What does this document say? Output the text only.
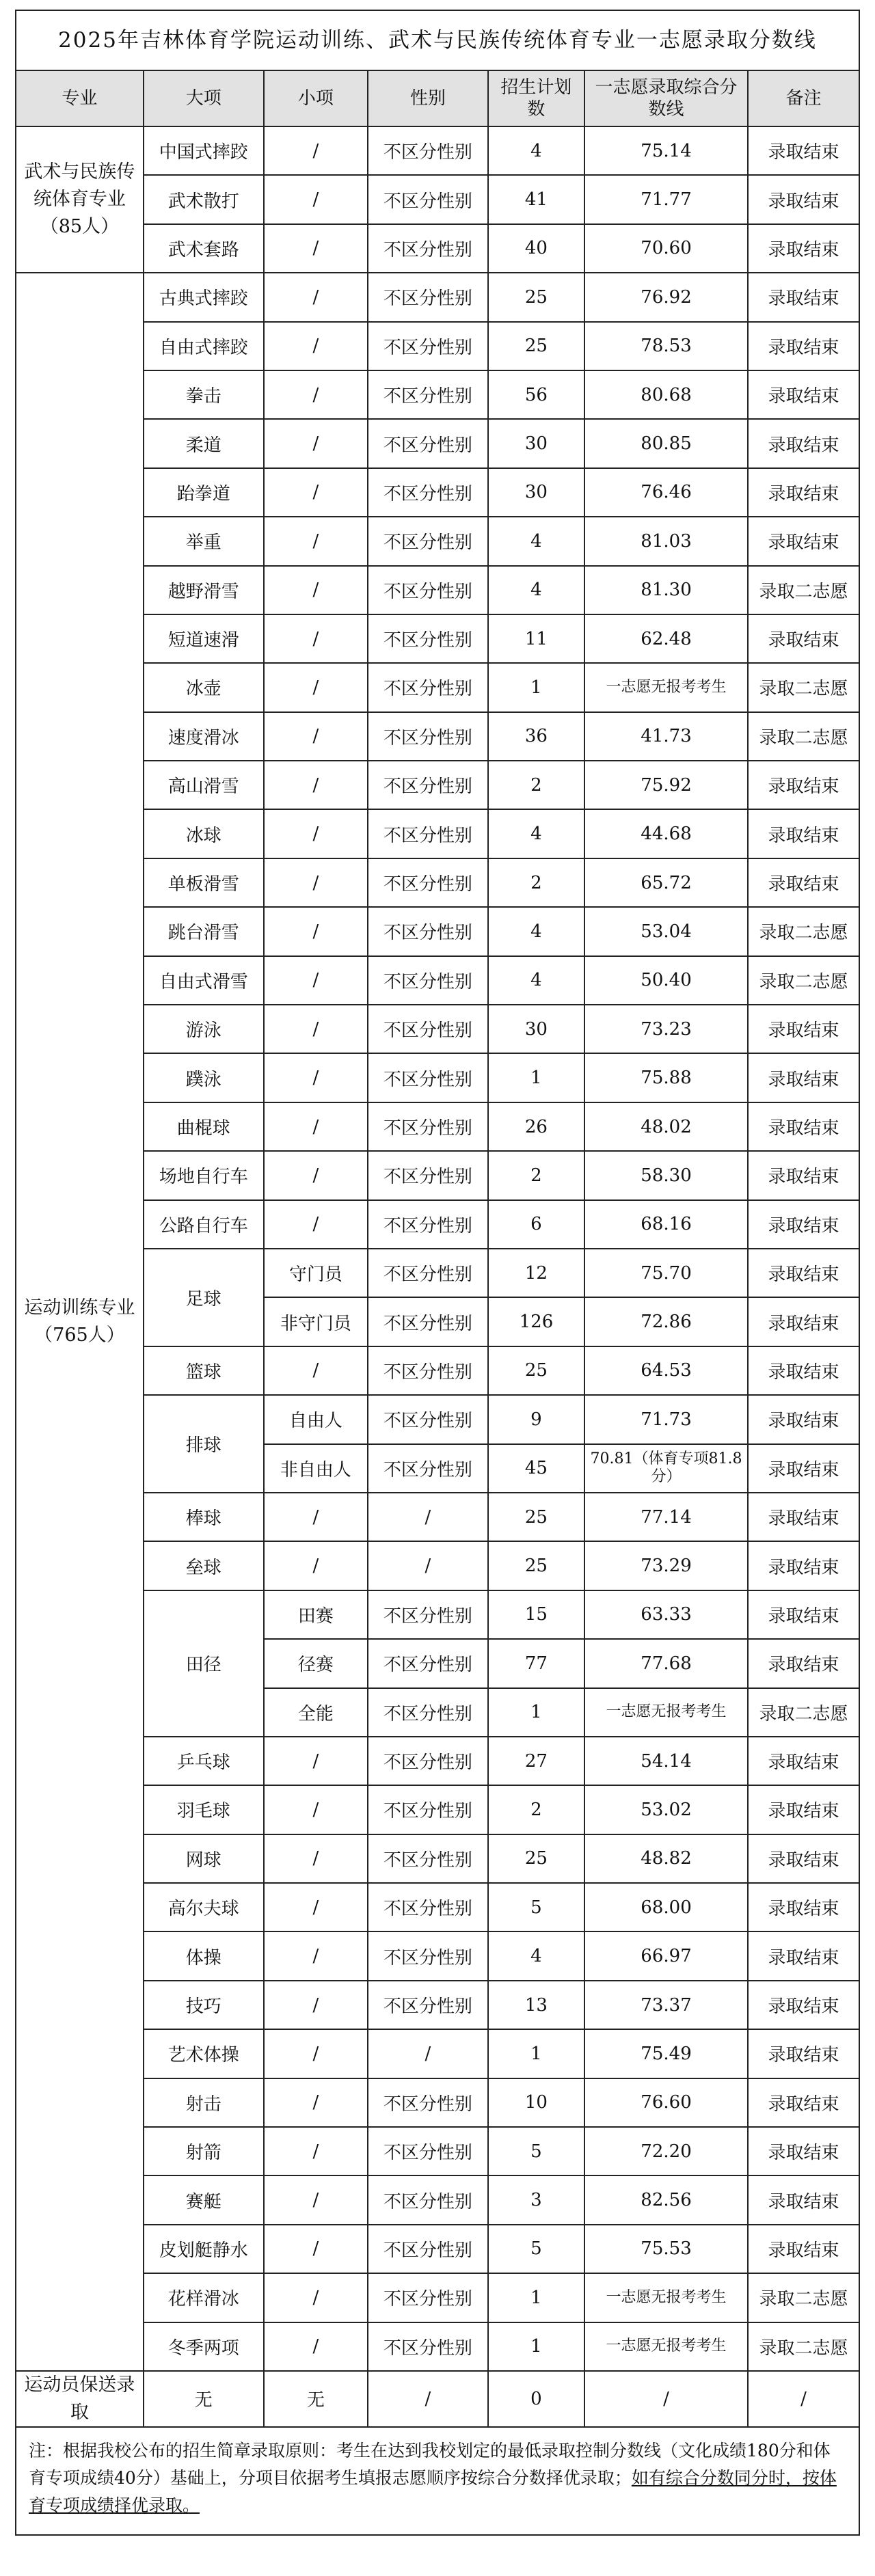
2025年吉林体育学院运动训练、武术与民族传统体育专业一志愿录取分数线
专业	大项	小项	性别	招生计划数	一志愿录取综合分数线	备注
武术与民族传统体育专业（85人）	中国式摔跤	/	不区分性别	4	75.14	录取结束
	武术散打	/	不区分性别	41	71.77	录取结束
	武术套路	/	不区分性别	40	70.60	录取结束
运动训练专业（765人）	古典式摔跤	/	不区分性别	25	76.92	录取结束
	自由式摔跤	/	不区分性别	25	78.53	录取结束
	拳击	/	不区分性别	56	80.68	录取结束
	柔道	/	不区分性别	30	80.85	录取结束
	跆拳道	/	不区分性别	30	76.46	录取结束
	举重	/	不区分性别	4	81.03	录取结束
	越野滑雪	/	不区分性别	4	81.30	录取二志愿
	短道速滑	/	不区分性别	11	62.48	录取结束
	冰壶	/	不区分性别	1	一志愿无报考考生	录取二志愿
	速度滑冰	/	不区分性别	36	41.73	录取二志愿
	高山滑雪	/	不区分性别	2	75.92	录取结束
	冰球	/	不区分性别	4	44.68	录取结束
	单板滑雪	/	不区分性别	2	65.72	录取结束
	跳台滑雪	/	不区分性别	4	53.04	录取二志愿
	自由式滑雪	/	不区分性别	4	50.40	录取二志愿
	游泳	/	不区分性别	30	73.23	录取结束
	蹼泳	/	不区分性别	1	75.88	录取结束
	曲棍球	/	不区分性别	26	48.02	录取结束
	场地自行车	/	不区分性别	2	58.30	录取结束
	公路自行车	/	不区分性别	6	68.16	录取结束
	足球	守门员	不区分性别	12	75.70	录取结束
		非守门员	不区分性别	126	72.86	录取结束
	篮球	/	不区分性别	25	64.53	录取结束
	排球	自由人	不区分性别	9	71.73	录取结束
		非自由人	不区分性别	45	70.81（体育专项81.8分）	录取结束
	棒球	/	/	25	77.14	录取结束
	垒球	/	/	25	73.29	录取结束
	田径	田赛	不区分性别	15	63.33	录取结束
		径赛	不区分性别	77	77.68	录取结束
		全能	不区分性别	1	一志愿无报考考生	录取二志愿
	乒乓球	/	不区分性别	27	54.14	录取结束
	羽毛球	/	不区分性别	2	53.02	录取结束
	网球	/	不区分性别	25	48.82	录取结束
	高尔夫球	/	不区分性别	5	68.00	录取结束
	体操	/	不区分性别	4	66.97	录取结束
	技巧	/	不区分性别	13	73.37	录取结束
	艺术体操	/	/	1	75.49	录取结束
	射击	/	不区分性别	10	76.60	录取结束
	射箭	/	不区分性别	5	72.20	录取结束
	赛艇	/	不区分性别	3	82.56	录取结束
	皮划艇静水	/	不区分性别	5	75.53	录取结束
	花样滑冰	/	不区分性别	1	一志愿无报考考生	录取二志愿
	冬季两项	/	不区分性别	1	一志愿无报考考生	录取二志愿
运动员保送录取	无	无	/	0	/	/
注：根据我校公布的招生简章录取原则：考生在达到我校划定的最低录取控制分数线（文化成绩180分和体育专项成绩40分）基础上，分项目依据考生填报志愿顺序按综合分数择优录取；如有综合分数同分时，按体育专项成绩择优录取。
